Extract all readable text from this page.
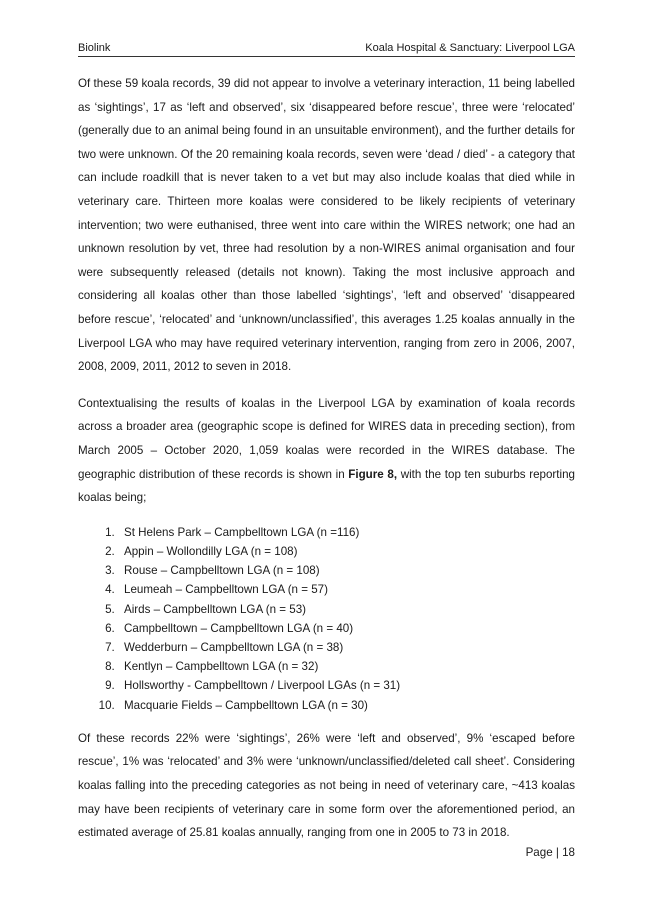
Biolink	Koala Hospital & Sanctuary: Liverpool LGA

Of these 59 koala records, 39 did not appear to involve a veterinary interaction, 11 being labelled as ‘sightings’, 17 as ‘left and observed’, six ‘disappeared before rescue’, three were ‘relocated’ (generally due to an animal being found in an unsuitable environment), and the further details for two were unknown. Of the 20 remaining koala records, seven were ‘dead / died’ - a category that can include roadkill that is never taken to a vet but may also include koalas that died while in veterinary care. Thirteen more koalas were considered to be likely recipients of veterinary intervention; two were euthanised, three went into care within the WIRES network; one had an unknown resolution by vet, three had resolution by a non-WIRES animal organisation and four were subsequently released (details not known). Taking the most inclusive approach and considering all koalas other than those labelled ‘sightings’, ‘left and observed’ ‘disappeared before rescue’, ‘relocated’ and ‘unknown/unclassified’, this averages 1.25 koalas annually in the Liverpool LGA who may have required veterinary intervention, ranging from zero in 2006, 2007, 2008, 2009, 2011, 2012 to seven in 2018.

Contextualising the results of koalas in the Liverpool LGA by examination of koala records across a broader area (geographic scope is defined for WIRES data in preceding section), from March 2005 – October 2020, 1,059 koalas were recorded in the WIRES database. The geographic distribution of these records is shown in Figure 8, with the top ten suburbs reporting koalas being;

1. St Helens Park – Campbelltown LGA (n =116)
2. Appin – Wollondilly LGA (n = 108)
3. Rouse – Campbelltown LGA (n = 108)
4. Leumeah – Campbelltown LGA (n = 57)
5. Airds – Campbelltown LGA (n = 53)
6. Campbelltown – Campbelltown LGA (n = 40)
7. Wedderburn – Campbelltown LGA (n = 38)
8. Kentlyn – Campbelltown LGA (n = 32)
9. Hollsworthy - Campbelltown / Liverpool LGAs (n = 31)
10. Macquarie Fields – Campbelltown LGA (n = 30)

Of these records 22% were ‘sightings’, 26% were ‘left and observed’, 9% ‘escaped before rescue’, 1% was ‘relocated’ and 3% were ‘unknown/unclassified/deleted call sheet’. Considering koalas falling into the preceding categories as not being in need of veterinary care, ~413 koalas may have been recipients of veterinary care in some form over the aforementioned period, an estimated average of 25.81 koalas annually, ranging from one in 2005 to 73 in 2018.

Page | 18
